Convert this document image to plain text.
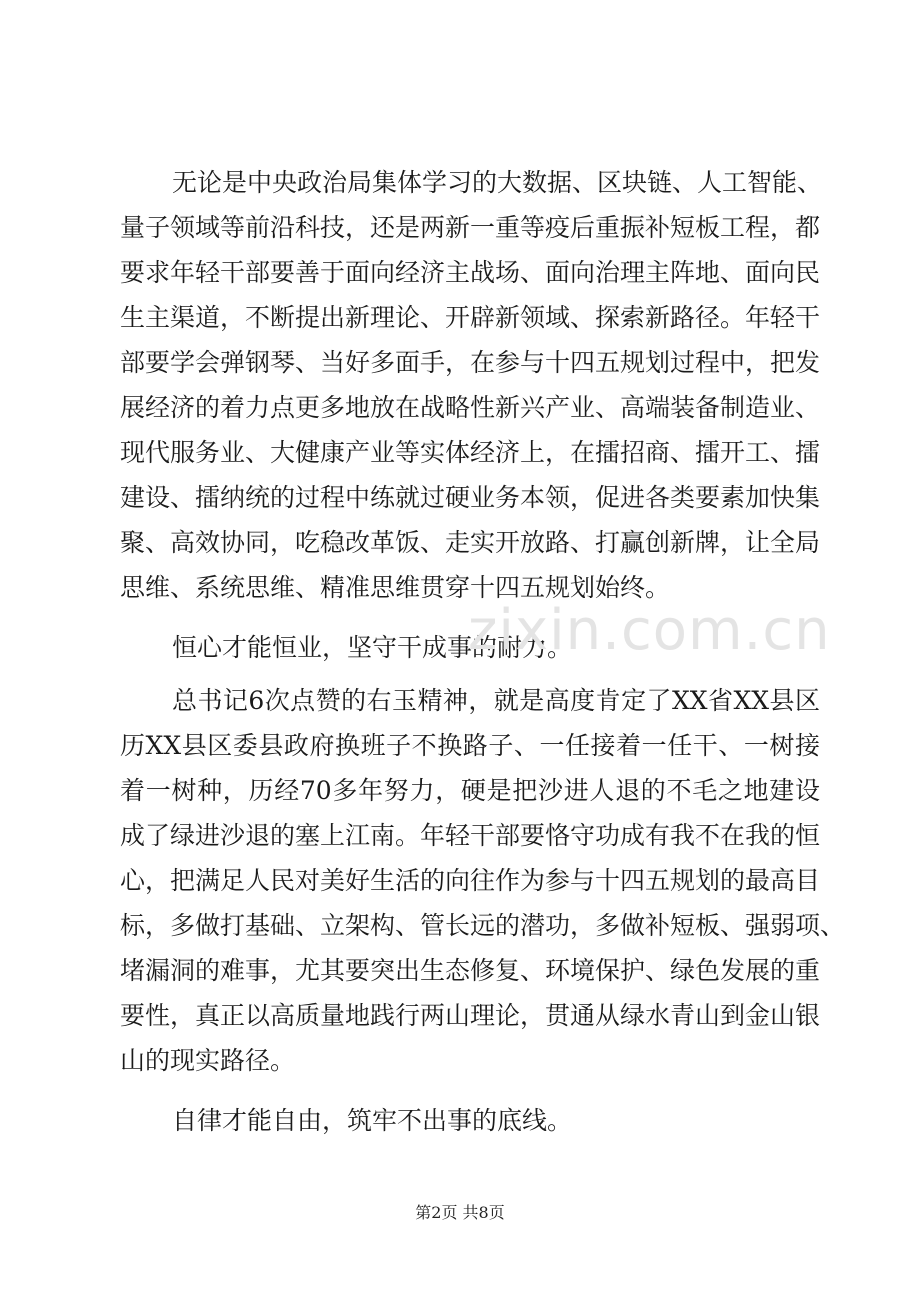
无论是中央政治局集体学习的大数据、区块链、人工智能、
量子领域等前沿科技，还是两新一重等疫后重振补短板工程，都
要求年轻干部要善于面向经济主战场、面向治理主阵地、面向民
生主渠道，不断提出新理论、开辟新领域、探索新路径。年轻干
部要学会弹钢琴、当好多面手，在参与十四五规划过程中，把发
展经济的着力点更多地放在战略性新兴产业、高端装备制造业、
现代服务业、大健康产业等实体经济上，在擂招商、擂开工、擂
建设、擂纳统的过程中练就过硬业务本领，促进各类要素加快集
聚、高效协同，吃稳改革饭、走实开放路、打赢创新牌，让全局
思维、系统思维、精准思维贯穿十四五规划始终。
恒心才能恒业，坚守干成事的耐力。
总书记6次点赞的右玉精神，就是高度肯定了XX省XX县区
历XX县区委县政府换班子不换路子、一任接着一任干、一树接
着一树种，历经70多年努力，硬是把沙进人退的不毛之地建设
成了绿进沙退的塞上江南。年轻干部要恪守功成有我不在我的恒
心，把满足人民对美好生活的向往作为参与十四五规划的最高目
标，多做打基础、立架构、管长远的潜功，多做补短板、强弱项、
堵漏洞的难事，尤其要突出生态修复、环境保护、绿色发展的重
要性，真正以高质量地践行两山理论，贯通从绿水青山到金山银
山的现实路径。
自律才能自由，筑牢不出事的底线。
zixin.com.cn
第2页 共8页
